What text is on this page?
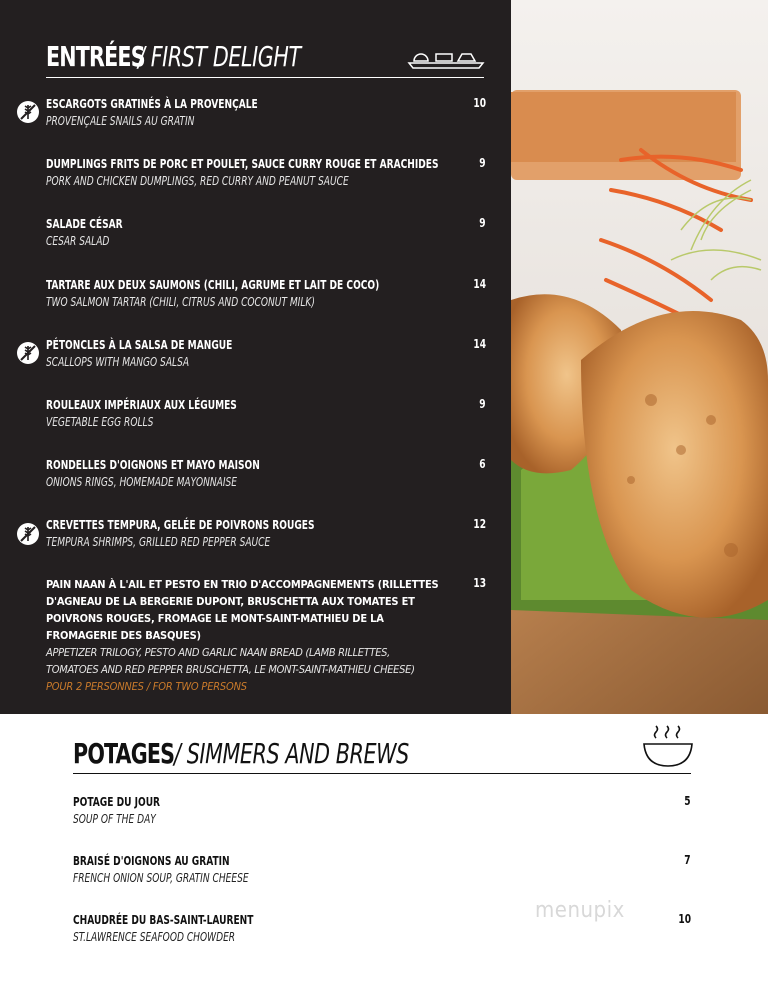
ENTRÉES
/ FIRST DELIGHT
ESCARGOTS GRATINÉS À LA PROVENÇALE
PROVENÇALE SNAILS AU GRATIN
10
DUMPLINGS FRITS DE PORC ET POULET, SAUCE CURRY ROUGE ET ARACHIDES
PORK AND CHICKEN DUMPLINGS, RED CURRY AND PEANUT SAUCE
9
SALADE CÉSAR
CESAR SALAD
9
TARTARE AUX DEUX SAUMONS (CHILI, AGRUME ET LAIT DE COCO)
TWO SALMON TARTAR (CHILI, CITRUS AND COCONUT MILK)
14
PÉTONCLES À LA SALSA DE MANGUE
SCALLOPS WITH MANGO SALSA
14
ROULEAUX IMPÉRIAUX AUX LÉGUMES
VEGETABLE EGG ROLLS
9
RONDELLES D'OIGNONS ET MAYO MAISON
ONIONS RINGS, HOMEMADE MAYONNAISE
6
CREVETTES TEMPURA, GELÉE DE POIVRONS ROUGES
TEMPURA SHRIMPS, GRILLED RED PEPPER SAUCE
12
PAIN NAAN À L'AIL ET PESTO EN TRIO D'ACCOMPAGNEMENTS (RILLETTES D'AGNEAU DE LA BERGERIE DUPONT, BRUSCHETTA AUX TOMATES ET POIVRONS ROUGES, FROMAGE LE MONT-SAINT-MATHIEU DE LA FROMAGERIE DES BASQUES)
APPETIZER TRILOGY, PESTO AND GARLIC NAAN BREAD (LAMB RILLETTES, TOMATOES AND RED PEPPER BRUSCHETTA, LE MONT-SAINT-MATHIEU CHEESE)
POUR 2 PERSONNES / FOR TWO PERSONS
13
POTAGES / SIMMERS AND BREWS
POTAGE DU JOUR
SOUP OF THE DAY
5
BRAISÉ D'OIGNONS AU GRATIN
FRENCH ONION SOUP, GRATIN CHEESE
7
CHAUDRÉE DU BAS-SAINT-LAURENT
ST.LAWRENCE SEAFOOD CHOWDER
10
menupix
